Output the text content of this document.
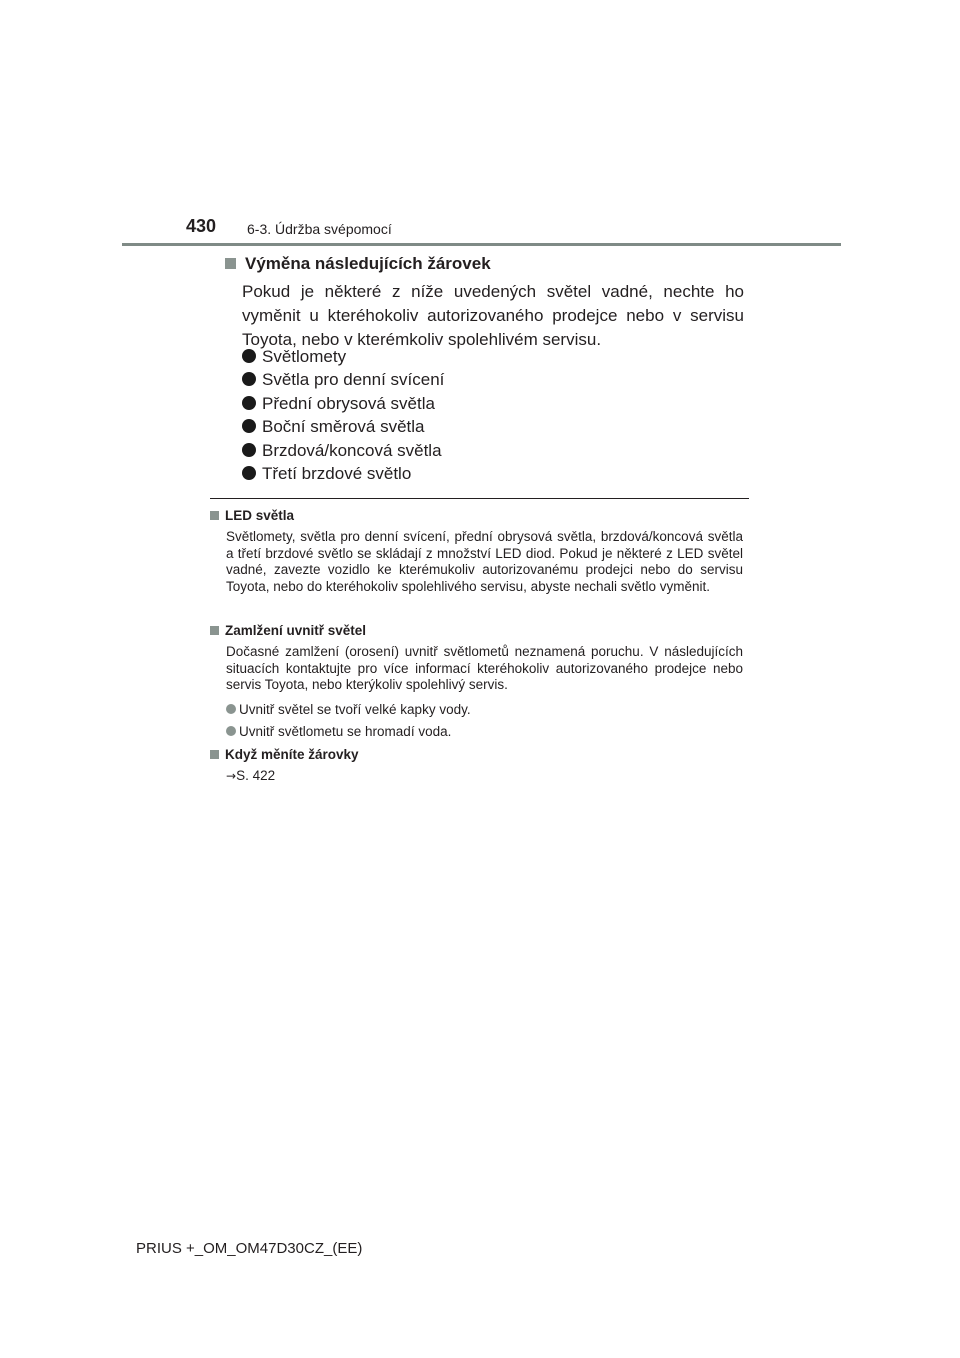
430 6-3. Údržba svépomocí
Výměna následujících žárovek
Pokud je některé z níže uvedených světel vadné, nechte ho vyměnit u kteréhokoliv autorizovaného prodejce nebo v servisu Toyota, nebo v kterémkoliv spolehlivém servisu.
Světlomety
Světla pro denní svícení
Přední obrysová světla
Boční směrová světla
Brzdová/koncová světla
Třetí brzdové světlo
LED světla
Světlomety, světla pro denní svícení, přední obrysová světla, brzdová/koncová světla a třetí brzdové světlo se skládají z množství LED diod. Pokud je některé z LED světel vadné, zavezte vozidlo ke kterémukoliv autorizovanému prodejci nebo do servisu Toyota, nebo do kteréhokoliv spolehlivého servisu, abyste nechali světlo vyměnit.
Zamlžení uvnitř světel
Dočasné zamlžení (orosení) uvnitř světlometů neznamená poruchu. V následujících situacích kontaktujte pro více informací kteréhokoliv autorizovaného prodejce nebo servis Toyota, nebo kterýkoliv spolehlivý servis.
Uvnitř světel se tvoří velké kapky vody.
Uvnitř světlometu se hromadí voda.
Když měníte žárovky
→S. 422
PRIUS +_OM_OM47D30CZ_(EE)
